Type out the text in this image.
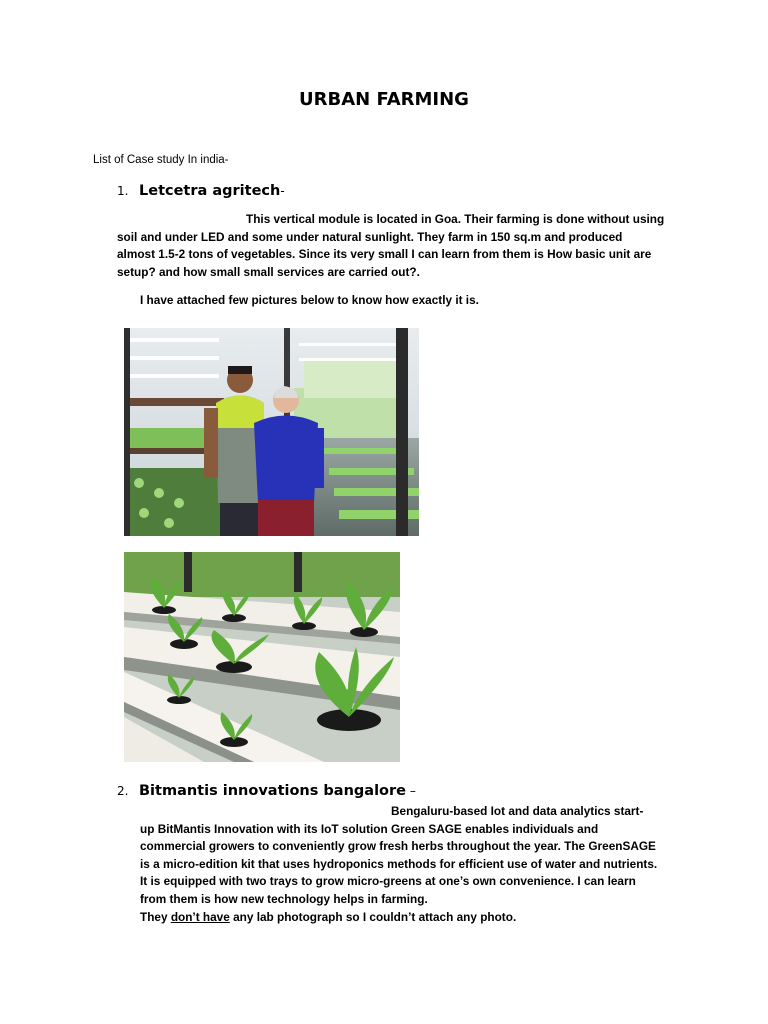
URBAN FARMING
List of Case study In india-
1. Letcetra agritech-
This vertical module is located in Goa. Their farming is done without using
soil and under LED and some under natural sunlight. They farm in 150 sq.m and produced
almost 1.5-2 tons of vegetables. Since its very small I can learn from them is How basic unit are
setup? and how small small services are carried out?.
I have attached few pictures below to know how exactly it is.
2. Bitmantis innovations bangalore –
Bengaluru-based Iot and data analytics start-
up BitMantis Innovation with its IoT solution Green SAGE enables individuals and
commercial growers to conveniently grow fresh herbs throughout the year. The GreenSAGE
is a micro-edition kit that uses hydroponics methods for efficient use of water and nutrients.
It is equipped with two trays to grow micro-greens at one’s own convenience. I can learn
from them is how new technology helps in farming.
They don’t have any lab photograph so I couldn’t attach any photo.
